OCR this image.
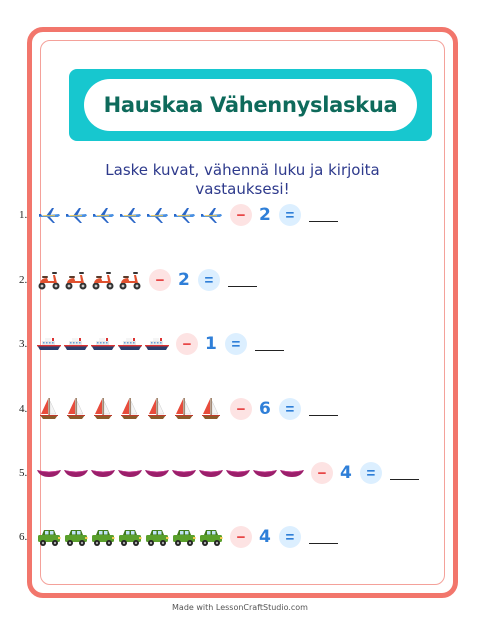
Hauskaa Vähennyslaskua
Laske kuvat, vähennä luku ja kirjoita vastauksesi!
1.	− 2 =
2.	− 2 =
3.	− 1 =
4.	− 6 =
5.	− 4 =
6.	− 4 =
Made with LessonCraftStudio.com
